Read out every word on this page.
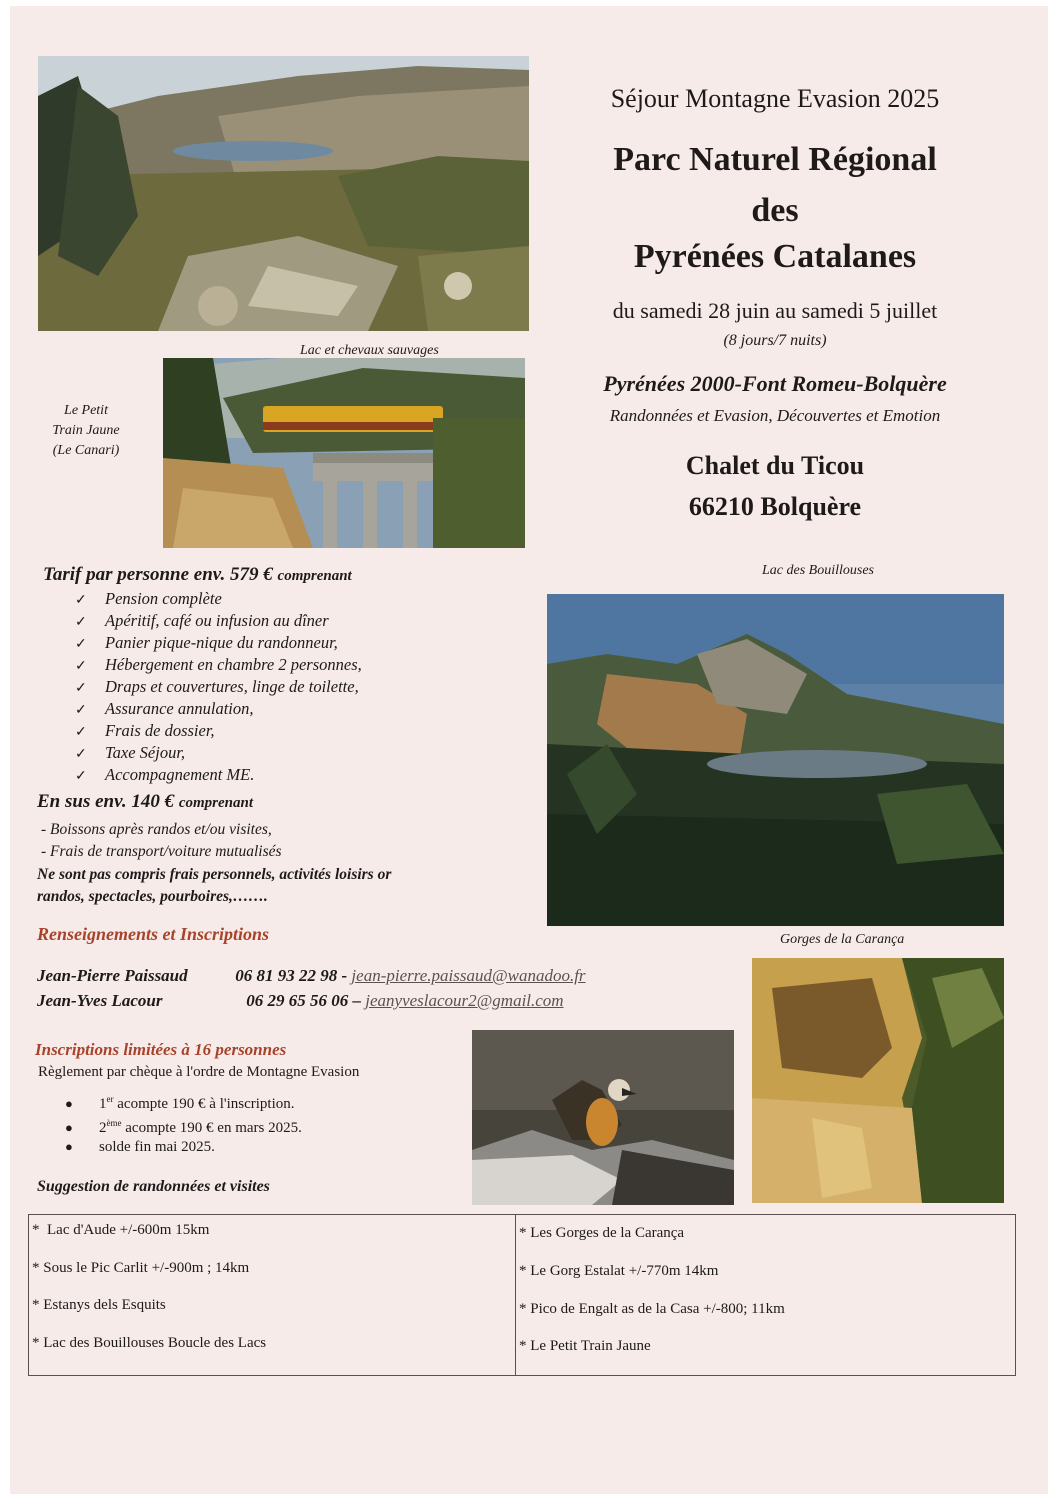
Séjour Montagne Evasion 2025
Parc Naturel Régional
des
Pyrénées Catalanes
du samedi 28 juin au samedi 5 juillet
(8 jours/7 nuits)
Lac et chevaux sauvages
Pyrénées 2000-Font Romeu-Bolquère
Randonnées et Evasion, Découvertes et Emotion
Chalet du Ticou
66210 Bolquère
Le Petit
Train Jaune
(Le Canari)
Tarif par personne env. 579 € comprenant
✓ Pension complète
✓ Apéritif, café ou infusion au dîner
✓ Panier pique-nique du randonneur,
✓ Hébergement en chambre 2 personnes,
✓ Draps et couvertures, linge de toilette,
✓ Assurance annulation,
✓ Frais de dossier,
✓ Taxe Séjour,
✓ Accompagnement ME.
En sus env. 140 € comprenant
- Boissons après randos et/ou visites,
- Frais de transport/voiture mutualisés
Ne sont pas compris frais personnels, activités loisirs or
randos, spectacles, pourboires,…….
Lac des Bouillouses
Gorges de la Carança
Renseignements et Inscriptions
Jean-Pierre Paissaud	06 81 93 22 98 - jean-pierre.paissaud@wanadoo.fr
Jean-Yves Lacour	06 29 65 56 06 – jeanyveslacour2@gmail.com
Inscriptions limitées à 16 personnes
Règlement par chèque à l'ordre de Montagne Evasion
● 1er acompte 190 € à l'inscription.
● 2ème acompte 190 € en mars 2025.
● solde fin mai 2025.
Suggestion de randonnées et visites
* Lac d'Aude +/-600m 15km
* Sous le Pic Carlit +/-900m ; 14km
* Estanys dels Esquits
* Lac des Bouillouses Boucle des Lacs
* Les Gorges de la Carança
* Le Gorg Estalat +/-770m 14km
* Pico de Engalt as de la Casa +/-800; 11km
* Le Petit Train Jaune
